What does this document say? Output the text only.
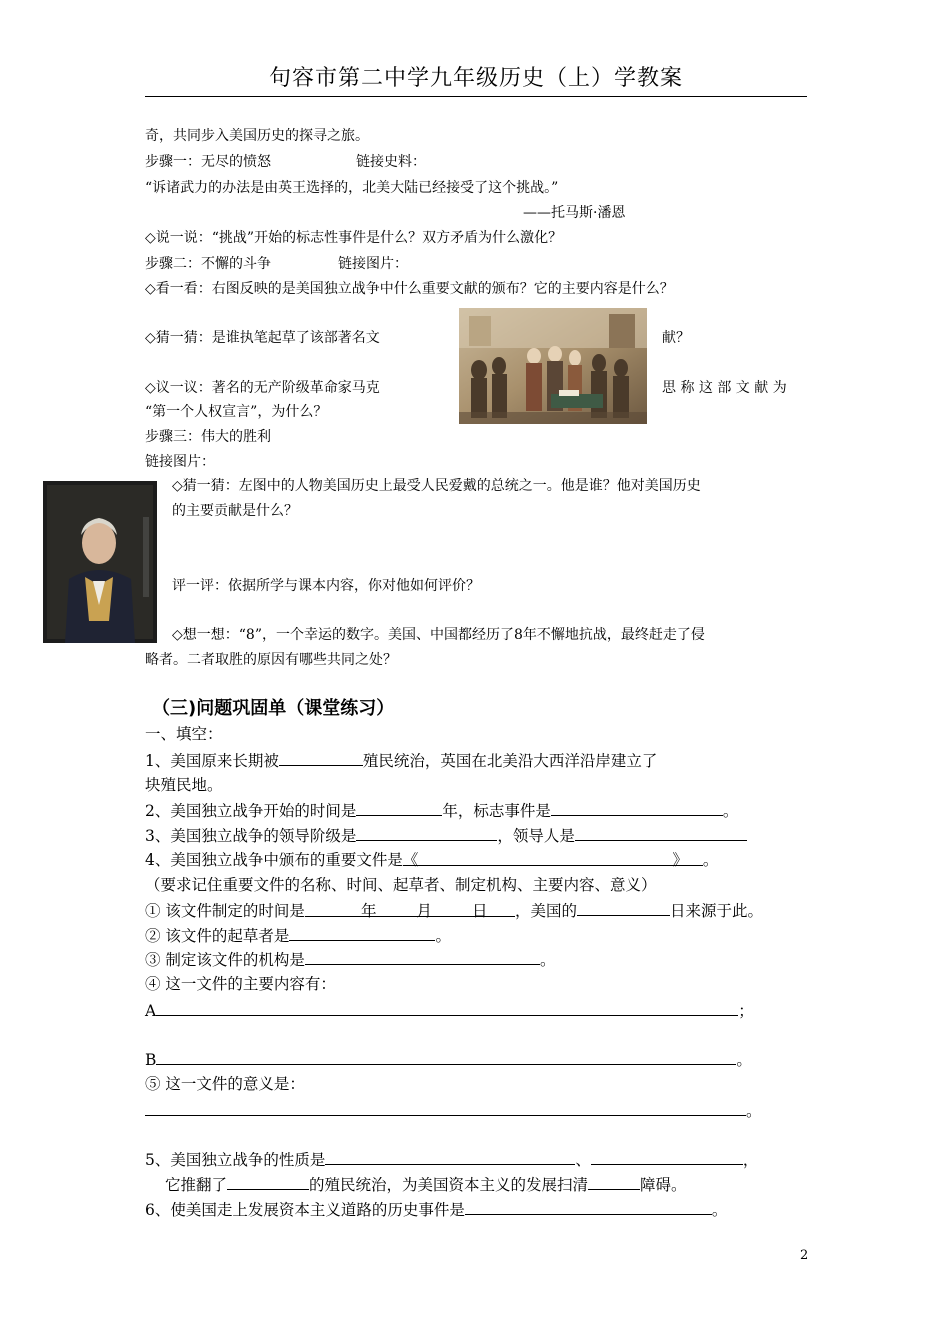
句容市第二中学九年级历史（上）学教案
奇，共同步入美国历史的探寻之旅。
步骤一：无尽的愤怒	链接史料：
“诉诸武力的办法是由英王选择的，北美大陆已经接受了这个挑战。”
——托马斯·潘恩
◇说一说：“挑战”开始的标志性事件是什么？双方矛盾为什么激化？
步骤二：不懈的斗争	链接图片：
◇看一看：右图反映的是美国独立战争中什么重要文献的颁布？它的主要内容是什么？
◇猜一猜：是谁执笔起草了该部著名文	献？
◇议一议：著名的无产阶级革命家马克	思 称 这 部 文 献 为
“第一个人权宣言”，为什么？
步骤三：伟大的胜利
链接图片：
◇猜一猜：左图中的人物美国历史上最受人民爱戴的总统之一。他是谁？他对美国历史
的主要贡献是什么？
评一评：依据所学与课本内容，你对他如何评价？
◇想一想：“8”，一个幸运的数字。美国、中国都经历了8年不懈地抗战，最终赶走了侵
略者。二者取胜的原因有哪些共同之处？
（三)问题巩固单（课堂练习）
一、填空：
1、美国原来长期被	殖民统治，英国在北美沿大西洋沿岸建立了
块殖民地。
2、美国独立战争开始的时间是	年，标志事件是	。
3、美国独立战争的领导阶级是	，领导人是
4、美国独立战争中颁布的重要文件是《	》 。
（要求记住重要文件的名称、时间、起草者、制定机构、主要内容、意义）
① 该文件制定的时间是	年	月	日 ，美国的	日来源于此。
② 该文件的起草者是	。
③ 制定该文件的机构是	。
④ 这一文件的主要内容有：
A	；
B	。
⑤ 这一文件的意义是：
。
5、美国独立战争的性质是	、	，
它推翻了	的殖民统治，为美国资本主义的发展扫清	障碍。
6、使美国走上发展资本主义道路的历史事件是	。
2
